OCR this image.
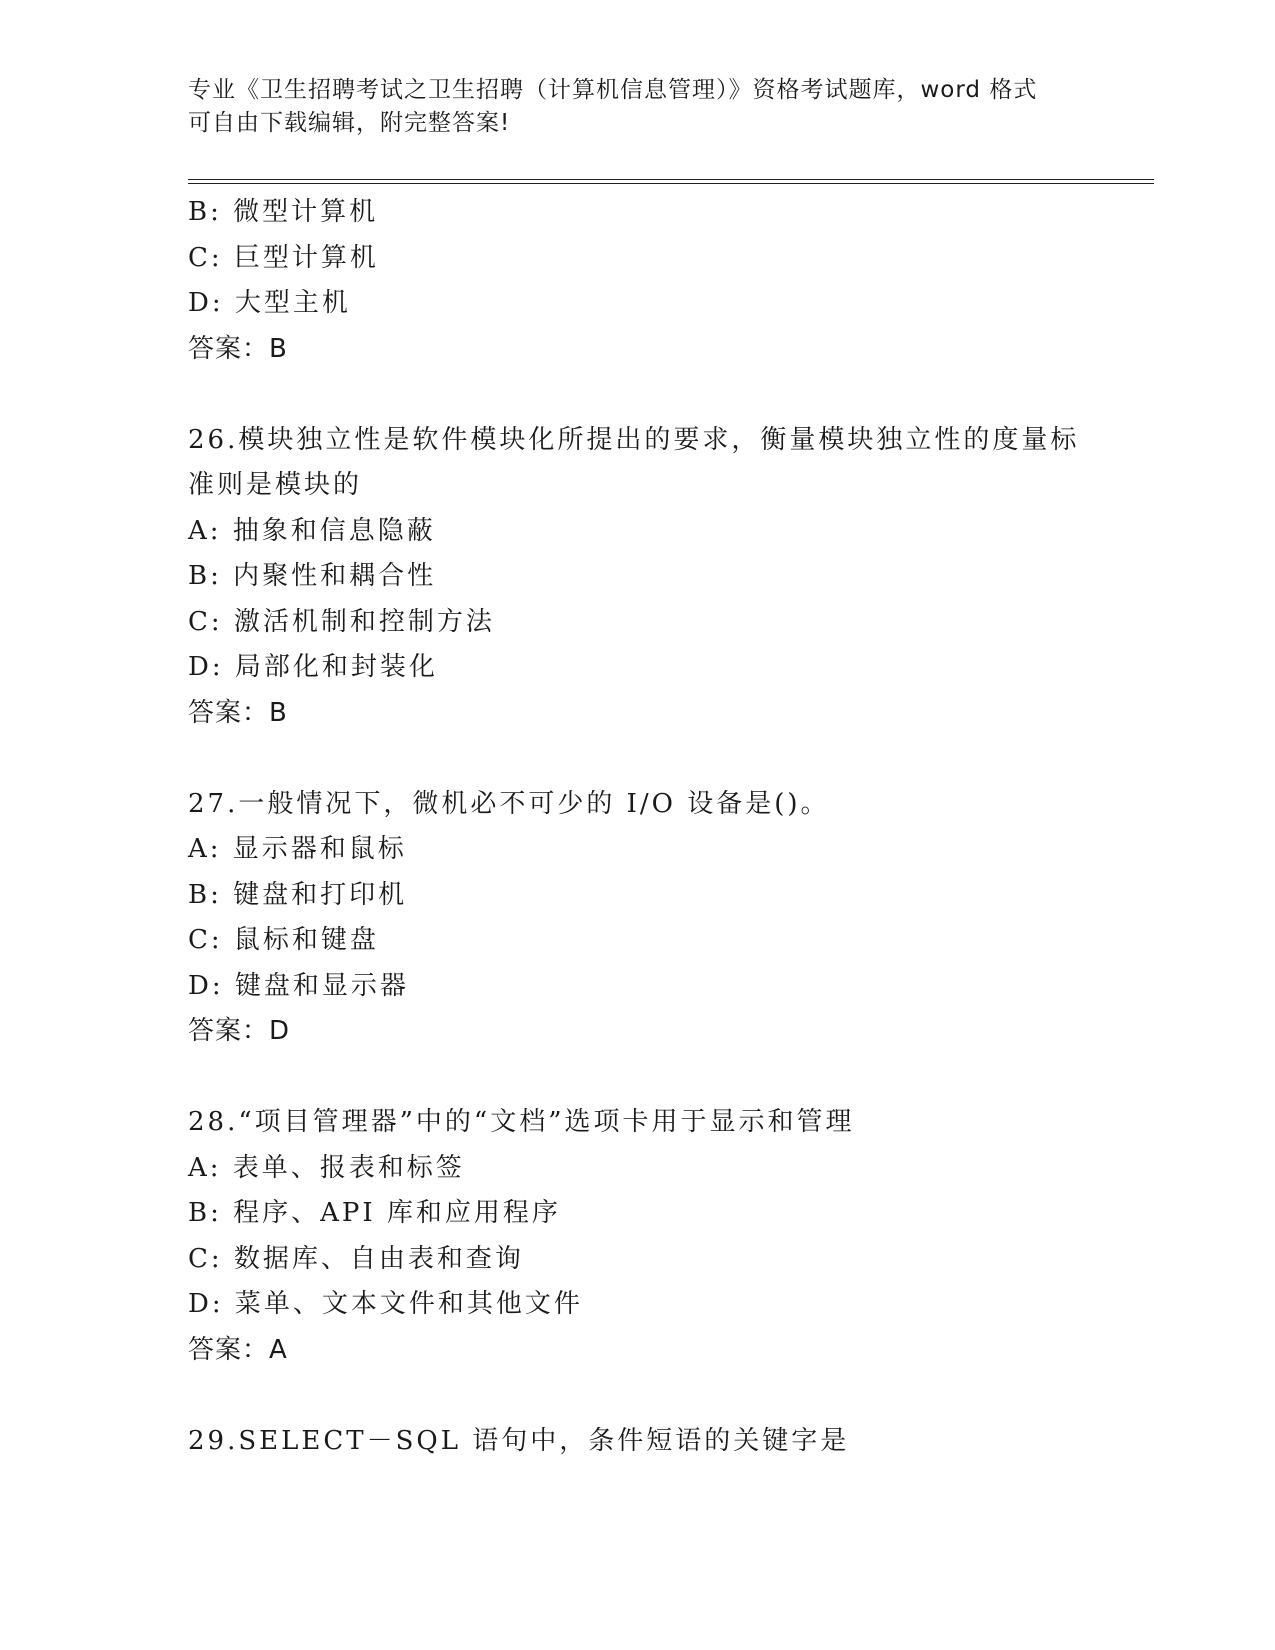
专业《卫生招聘考试之卫生招聘（计算机信息管理）》资格考试题库，word 格式
可自由下载编辑，附完整答案!
B: 微型计算机
C: 巨型计算机
D: 大型主机
答案：B
26.模块独立性是软件模块化所提出的要求，衡量模块独立性的度量标
准则是模块的
A: 抽象和信息隐蔽
B: 内聚性和耦合性
C: 激活机制和控制方法
D: 局部化和封装化
答案：B
27.一般情况下，微机必不可少的 I/O 设备是()。
A: 显示器和鼠标
B: 键盘和打印机
C: 鼠标和键盘
D: 键盘和显示器
答案：D
28.“项目管理器”中的“文档”选项卡用于显示和管理
A: 表单、报表和标签
B: 程序、API 库和应用程序
C: 数据库、自由表和查询
D: 菜单、文本文件和其他文件
答案：A
29.SELECT－SQL 语句中，条件短语的关键字是
